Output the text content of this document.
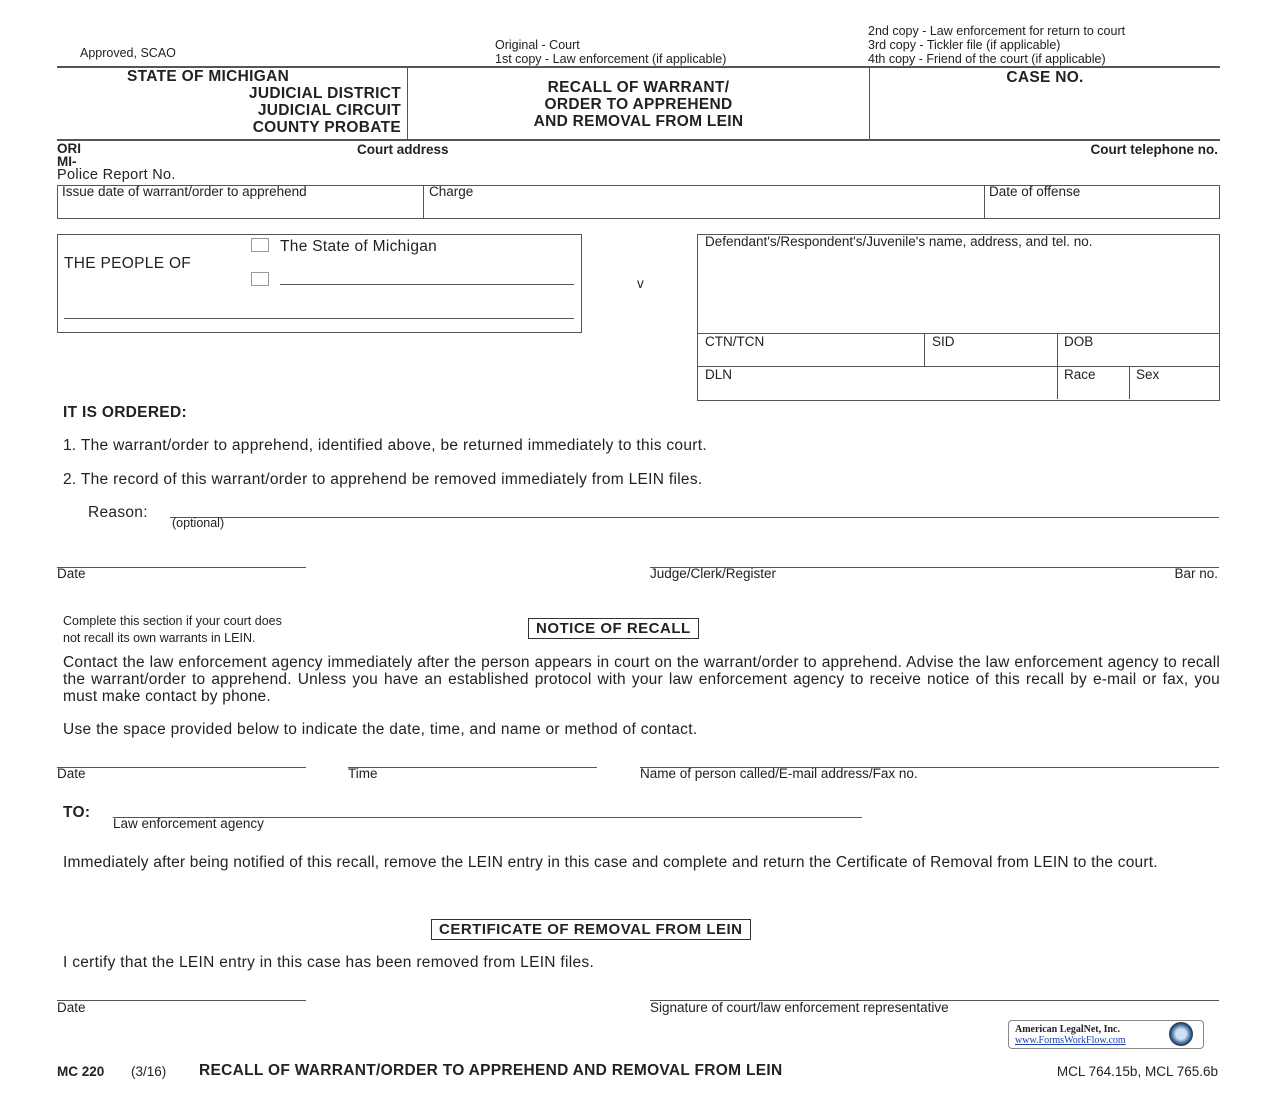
Approved, SCAO
Original - Court
1st copy - Law enforcement (if applicable)
2nd copy - Law enforcement for return to court
3rd copy - Tickler file (if applicable)
4th copy - Friend of the court (if applicable)
STATE OF MICHIGAN
JUDICIAL DISTRICT
JUDICIAL CIRCUIT
COUNTY PROBATE
RECALL OF WARRANT/
ORDER TO APPREHEND
AND REMOVAL FROM LEIN
CASE NO.
ORI
MI-
Court address	Court telephone no.
Police Report No.
Issue date of warrant/order to apprehend	Charge	Date of offense
THE PEOPLE OF
The State of Michigan
v
Defendant's/Respondent's/Juvenile's name, address, and tel. no.
CTN/TCN	SID	DOB
DLN	Race	Sex
IT IS ORDERED:
1. The warrant/order to apprehend, identified above, be returned immediately to this court.
2. The record of this warrant/order to apprehend be removed immediately from LEIN files.
Reason:
(optional)
Date	Judge/Clerk/Register	Bar no.
Complete this section if your court does
not recall its own warrants in LEIN.
NOTICE OF RECALL
Contact the law enforcement agency immediately after the person appears in court on the warrant/order to apprehend. Advise the law enforcement agency to recall the warrant/order to apprehend. Unless you have an established protocol with your law enforcement agency to receive notice of this recall by e-mail or fax, you must make contact by phone.
Use the space provided below to indicate the date, time, and name or method of contact.
Date	Time	Name of person called/E-mail address/Fax no.
TO:
Law enforcement agency
Immediately after being notified of this recall, remove the LEIN entry in this case and complete and return the Certificate of Removal from LEIN to the court.
CERTIFICATE OF REMOVAL FROM LEIN
I certify that the LEIN entry in this case has been removed from LEIN files.
Date	Signature of court/law enforcement representative
American LegalNet, Inc.
www.FormsWorkFlow.com
MC 220 (3/16) RECALL OF WARRANT/ORDER TO APPREHEND AND REMOVAL FROM LEIN	MCL 764.15b, MCL 765.6b
